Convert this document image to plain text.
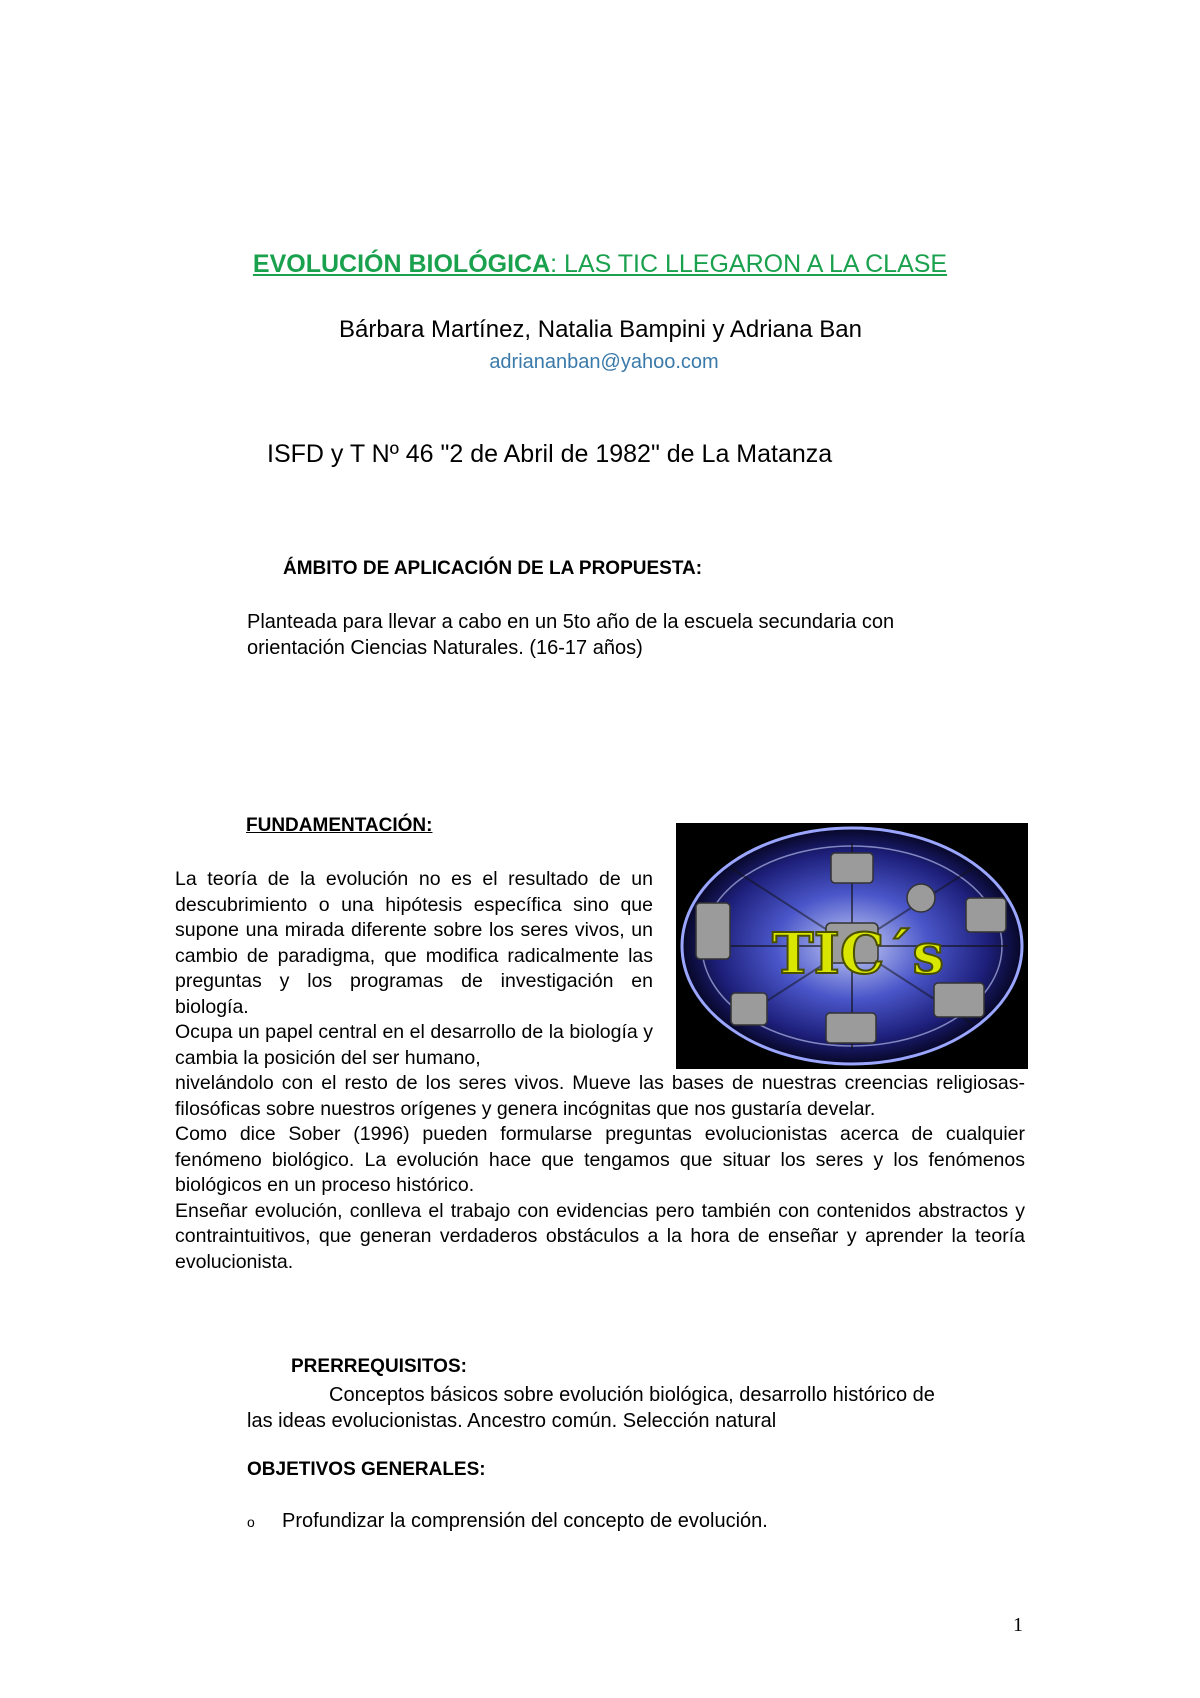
EVOLUCIÓN BIOLÓGICA: LAS TIC LLEGARON A LA CLASE
Bárbara Martínez, Natalia Bampini y Adriana Ban
adriananban@yahoo.com
ISFD y T Nº 46 "2 de Abril de 1982" de La Matanza
ÁMBITO DE APLICACIÓN DE LA PROPUESTA:
Planteada para llevar a cabo en un 5to año de la escuela secundaria con
orientación Ciencias Naturales. (16-17 años)
FUNDAMENTACIÓN:
TIC´s

La teoría de la evolución no es el resultado de un descubrimiento o una hipótesis específica sino que supone una mirada diferente sobre los seres vivos, un cambio de paradigma, que modifica radicalmente las preguntas y los programas de investigación en biología.

Ocupa un papel central en el desarrollo de la biología y cambia la posición del ser humano,

nivelándolo con el resto de los seres vivos. Mueve las bases de nuestras creencias religiosas-filosóficas sobre nuestros orígenes y genera incógnitas que nos gustaría develar.

Como dice Sober (1996) pueden formularse preguntas evolucionistas acerca de cualquier fenómeno biológico. La evolución hace que tengamos que situar los seres y los fenómenos biológicos en un proceso histórico.

Enseñar evolución, conlleva el trabajo con evidencias pero también con contenidos abstractos y contraintuitivos, que generan verdaderos obstáculos a la hora de enseñar y aprender la teoría evolucionista.

PRERREQUISITOS:
Conceptos básicos sobre evolución biológica, desarrollo histórico de
las ideas evolucionistas. Ancestro común. Selección natural
OBJETIVOS GENERALES:
o Profundizar la comprensión del concepto de evolución.
1
